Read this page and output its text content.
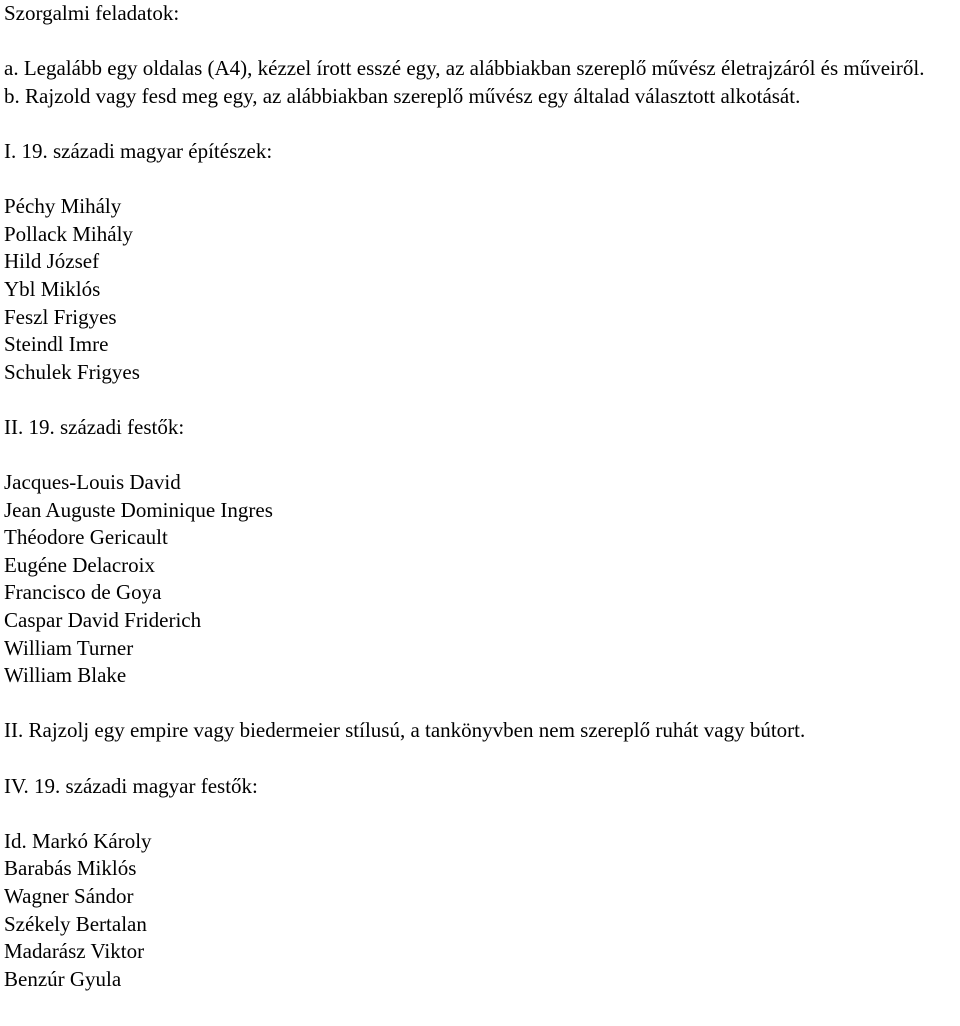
Szorgalmi feladatok:
a. Legalább egy oldalas (A4), kézzel írott esszé egy, az alábbiakban szereplő művész életrajzáról és műveiről.
b. Rajzold vagy fesd meg egy, az alábbiakban szereplő művész egy általad választott alkotását.
I. 19. századi magyar építészek:
Péchy Mihály
Pollack Mihály
Hild József
Ybl Miklós
Feszl Frigyes
Steindl Imre
Schulek Frigyes
II. 19. századi festők:
Jacques-Louis David
Jean Auguste Dominique Ingres
Théodore Gericault
Eugéne Delacroix
Francisco de Goya
Caspar David Friderich
William Turner
William Blake
II. Rajzolj egy empire vagy biedermeier stílusú, a tankönyvben nem szereplő ruhát vagy bútort.
IV. 19. századi magyar festők:
Id. Markó Károly
Barabás Miklós
Wagner Sándor
Székely Bertalan
Madarász Viktor
Benzúr Gyula
